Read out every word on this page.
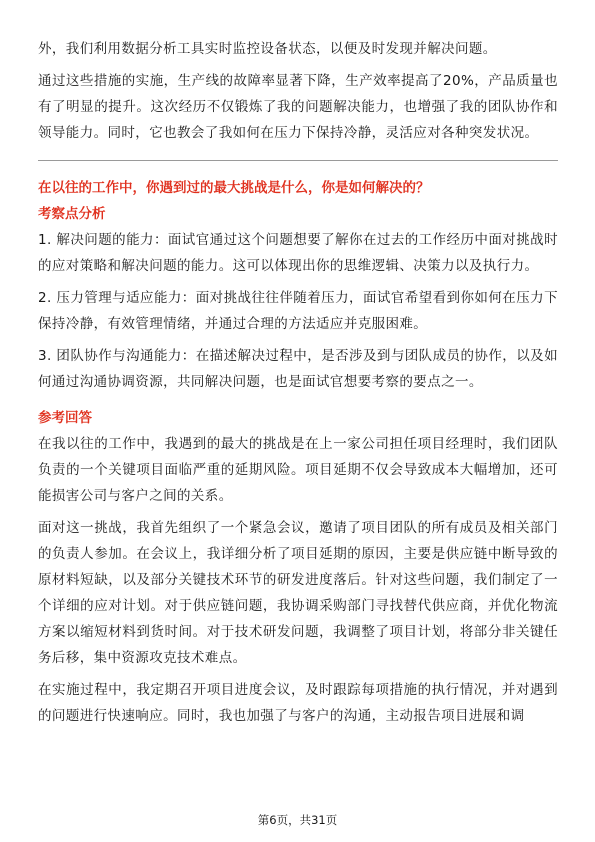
外，我们利用数据分析工具实时监控设备状态，以便及时发现并解决问题。

通过这些措施的实施，生产线的故障率显著下降，生产效率提高了20%，产品质量也有了明显的提升。这次经历不仅锻炼了我的问题解决能力，也增强了我的团队协作和领导能力。同时，它也教会了我如何在压力下保持冷静，灵活应对各种突发状况。

在以往的工作中，你遇到过的最大挑战是什么，你是如何解决的？

考察点分析

1. 解决问题的能力：面试官通过这个问题想要了解你在过去的工作经历中面对挑战时的应对策略和解决问题的能力。这可以体现出你的思维逻辑、决策力以及执行力。

2. 压力管理与适应能力：面对挑战往往伴随着压力，面试官希望看到你如何在压力下保持冷静，有效管理情绪，并通过合理的方法适应并克服困难。

3. 团队协作与沟通能力：在描述解决过程中，是否涉及到与团队成员的协作，以及如何通过沟通协调资源，共同解决问题，也是面试官想要考察的要点之一。

参考回答

在我以往的工作中，我遇到的最大的挑战是在上一家公司担任项目经理时，我们团队负责的一个关键项目面临严重的延期风险。项目延期不仅会导致成本大幅增加，还可能损害公司与客户之间的关系。

面对这一挑战，我首先组织了一个紧急会议，邀请了项目团队的所有成员及相关部门的负责人参加。在会议上，我详细分析了项目延期的原因，主要是供应链中断导致的原材料短缺，以及部分关键技术环节的研发进度落后。针对这些问题，我们制定了一个详细的应对计划。对于供应链问题，我协调采购部门寻找替代供应商，并优化物流方案以缩短材料到货时间。对于技术研发问题，我调整了项目计划，将部分非关键任务后移，集中资源攻克技术难点。

在实施过程中，我定期召开项目进度会议，及时跟踪每项措施的执行情况，并对遇到的问题进行快速响应。同时，我也加强了与客户的沟通，主动报告项目进展和调

第6页，共31页
